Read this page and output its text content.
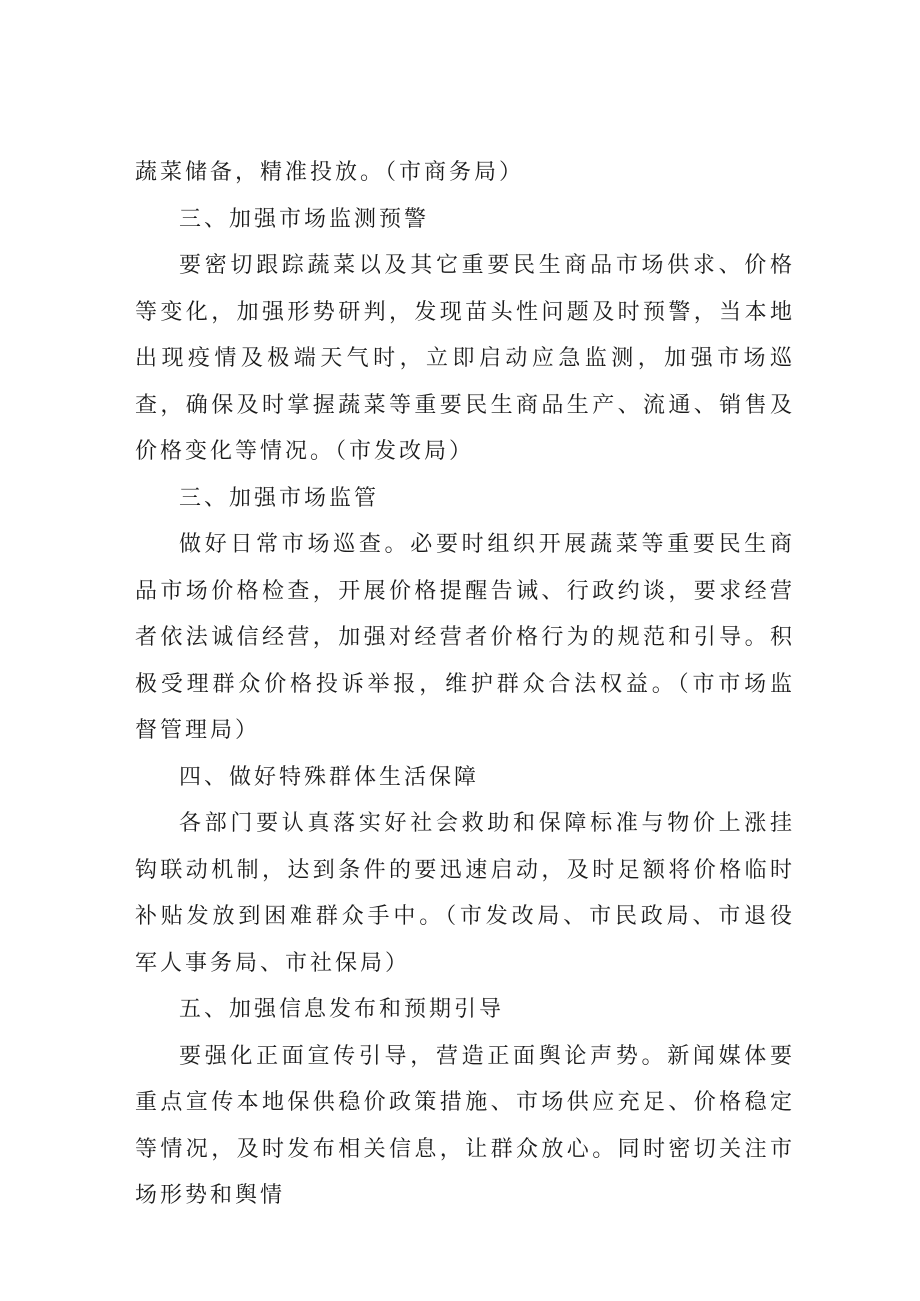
蔬菜储备，精准投放。（市商务局）

三、加强市场监测预警

要密切跟踪蔬菜以及其它重要民生商品市场供求、价格等变化，加强形势研判，发现苗头性问题及时预警，当本地出现疫情及极端天气时，立即启动应急监测，加强市场巡查，确保及时掌握蔬菜等重要民生商品生产、流通、销售及价格变化等情况。（市发改局）

三、加强市场监管

做好日常市场巡查。必要时组织开展蔬菜等重要民生商品市场价格检查，开展价格提醒告诫、行政约谈，要求经营者依法诚信经营，加强对经营者价格行为的规范和引导。积极受理群众价格投诉举报，维护群众合法权益。（市市场监督管理局）

四、做好特殊群体生活保障

各部门要认真落实好社会救助和保障标准与物价上涨挂钩联动机制，达到条件的要迅速启动，及时足额将价格临时补贴发放到困难群众手中。（市发改局、市民政局、市退役军人事务局、市社保局）

五、加强信息发布和预期引导

要强化正面宣传引导，营造正面舆论声势。新闻媒体要重点宣传本地保供稳价政策措施、市场供应充足、价格稳定等情况，及时发布相关信息，让群众放心。同时密切关注市场形势和舆情
